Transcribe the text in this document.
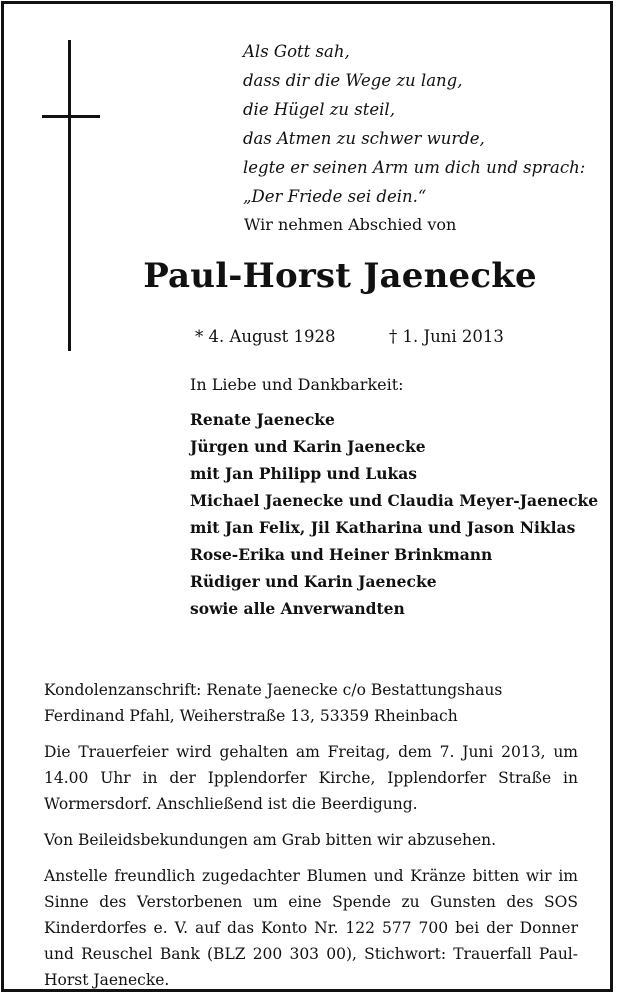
Als Gott sah,
dass dir die Wege zu lang,
die Hügel zu steil,
das Atmen zu schwer wurde,
legte er seinen Arm um dich und sprach:
„Der Friede sei dein.“
Wir nehmen Abschied von
Paul-Horst Jaenecke
* 4. August 1928	† 1. Juni 2013
In Liebe und Dankbarkeit:
Renate Jaenecke
Jürgen und Karin Jaenecke
mit Jan Philipp und Lukas
Michael Jaenecke und Claudia Meyer-Jaenecke
mit Jan Felix, Jil Katharina und Jason Niklas
Rose-Erika und Heiner Brinkmann
Rüdiger und Karin Jaenecke
sowie alle Anverwandten

Kondolenzanschrift: Renate Jaenecke c/o Bestattungshaus
Ferdinand Pfahl, Weiherstraße 13, 53359 Rheinbach

Die Trauerfeier wird gehalten am Freitag, dem 7. Juni 2013, um 14.00 Uhr in der Ipplendorfer Kirche, Ipplendorfer Straße in Wormersdorf. Anschließend ist die Beerdigung.

Von Beileidsbekundungen am Grab bitten wir abzusehen.

Anstelle freundlich zugedachter Blumen und Kränze bitten wir im Sinne des Verstorbenen um eine Spende zu Gunsten des SOS Kinderdorfes e. V. auf das Konto Nr. 122 577 700 bei der Donner und Reuschel Bank (BLZ 200 303 00), Stichwort: Trauerfall Paul-Horst Jaenecke.
